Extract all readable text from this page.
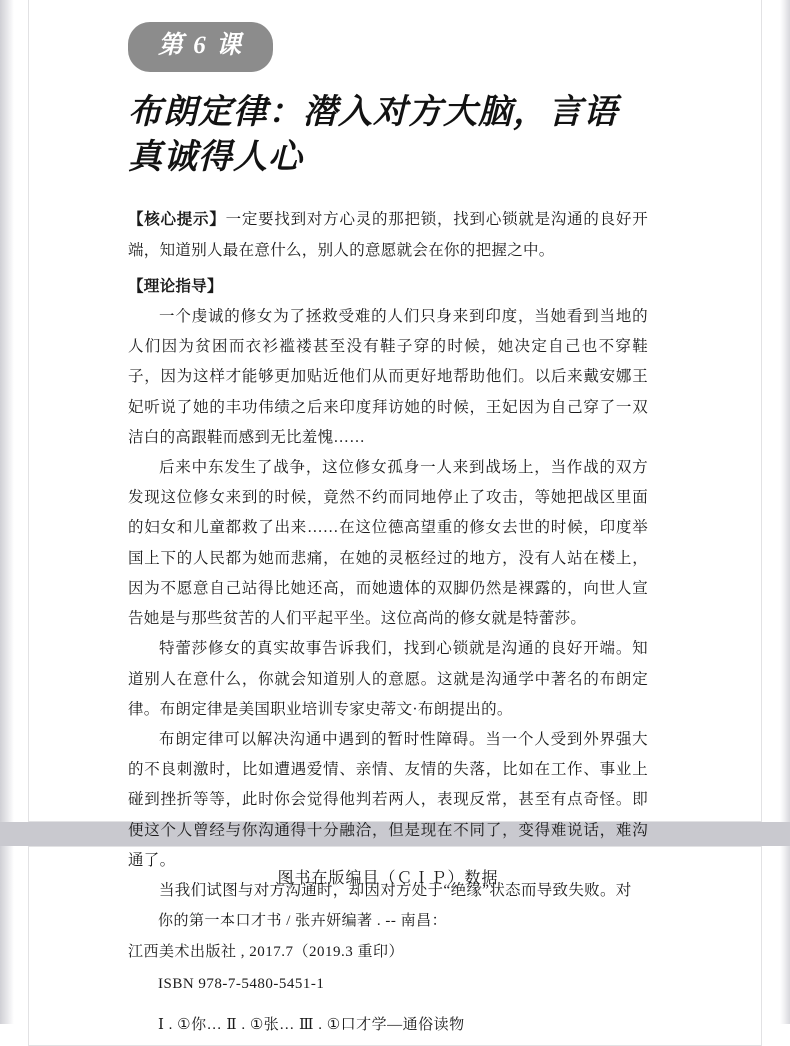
第 6 课
布朗定律：潜入对方大脑，言语真诚得人心
【核心提示】一定要找到对方心灵的那把锁，找到心锁就是沟通的良好开端，知道别人最在意什么，别人的意愿就会在你的把握之中。
【理论指导】

一个虔诚的修女为了拯救受难的人们只身来到印度，当她看到当地的人们因为贫困而衣衫褴褛甚至没有鞋子穿的时候，她决定自己也不穿鞋子，因为这样才能够更加贴近他们从而更好地帮助他们。以后来戴安娜王妃听说了她的丰功伟绩之后来印度拜访她的时候，王妃因为自己穿了一双洁白的高跟鞋而感到无比羞愧……

后来中东发生了战争，这位修女孤身一人来到战场上，当作战的双方发现这位修女来到的时候，竟然不约而同地停止了攻击，等她把战区里面的妇女和儿童都救了出来……在这位德高望重的修女去世的时候，印度举国上下的人民都为她而悲痛，在她的灵柩经过的地方，没有人站在楼上，因为不愿意自己站得比她还高，而她遗体的双脚仍然是裸露的，向世人宣告她是与那些贫苦的人们平起平坐。这位高尚的修女就是特蕾莎。

特蕾莎修女的真实故事告诉我们，找到心锁就是沟通的良好开端。知道别人在意什么，你就会知道别人的意愿。这就是沟通学中著名的布朗定律。布朗定律是美国职业培训专家史蒂文·布朗提出的。

布朗定律可以解决沟通中遇到的暂时性障碍。当一个人受到外界强大的不良刺激时，比如遭遇爱情、亲情、友情的失落，比如在工作、事业上碰到挫折等等，此时你会觉得他判若两人，表现反常，甚至有点奇怪。即便这个人曾经与你沟通得十分融洽，但是现在不同了，变得难说话，难沟通了。

当我们试图与对方沟通时，却因对方处于“绝缘”状态而导致失败。对

图书在版编目（ＣＩＰ）数据
你的第一本口才书 / 张卉妍编著 . -- 南昌：
江西美术出版社 , 2017.7（2019.3 重印）
ISBN 978-7-5480-5451-1
Ⅰ . ①你… Ⅱ . ①张… Ⅲ . ①口才学—通俗读物
